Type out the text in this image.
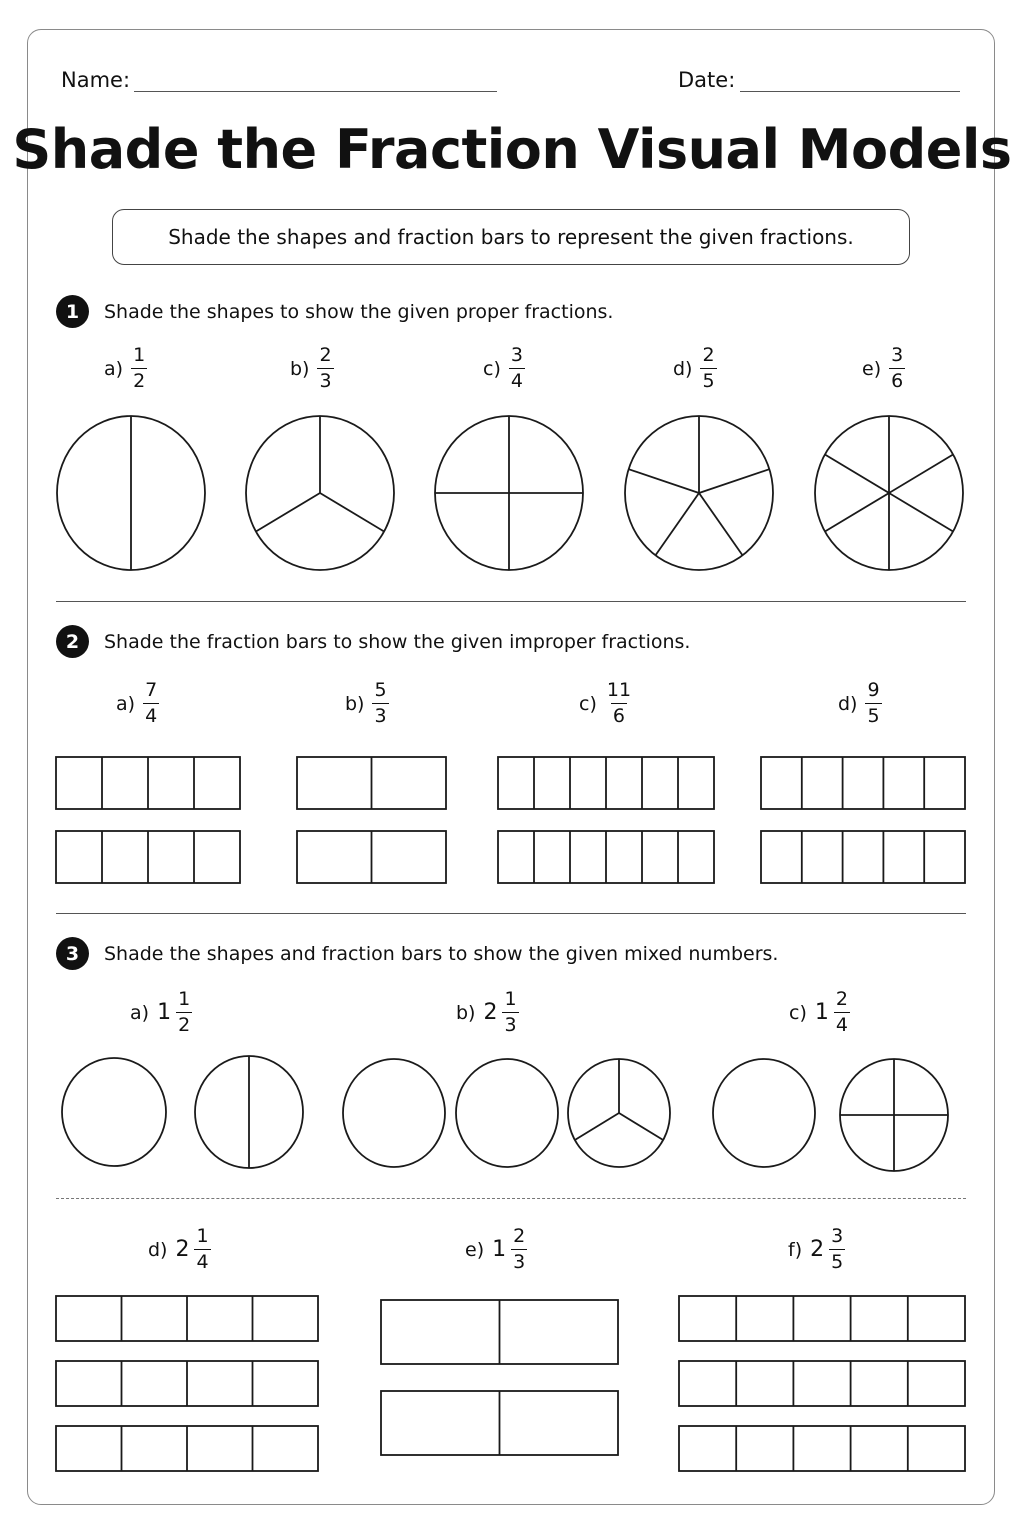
Name:	Date:
Shade the Fraction Visual Models
Shade the shapes and fraction bars to represent the given fractions.
1	Shade the shapes to show the given proper fractions.
$a) \frac{1}{2}$	$b) \frac{2}{3}$	$c) \frac{3}{4}$	$d) \frac{2}{5}$	$e) \frac{3}{6}$
2	Shade the fraction bars to show the given improper fractions.
$a) \frac{7}{4}$	$b) \frac{5}{3}$	$c) \frac{11}{6}$	$d) \frac{9}{5}$
3	Shade the shapes and fraction bars to show the given mixed numbers.
a) $1 \frac{1}{2}$	b) $2 \frac{1}{3}$	c) $1 \frac{2}{4}$
d) $2 \frac{1}{4}$	e) $1 \frac{2}{3}$	f) $2 \frac{3}{5}$
